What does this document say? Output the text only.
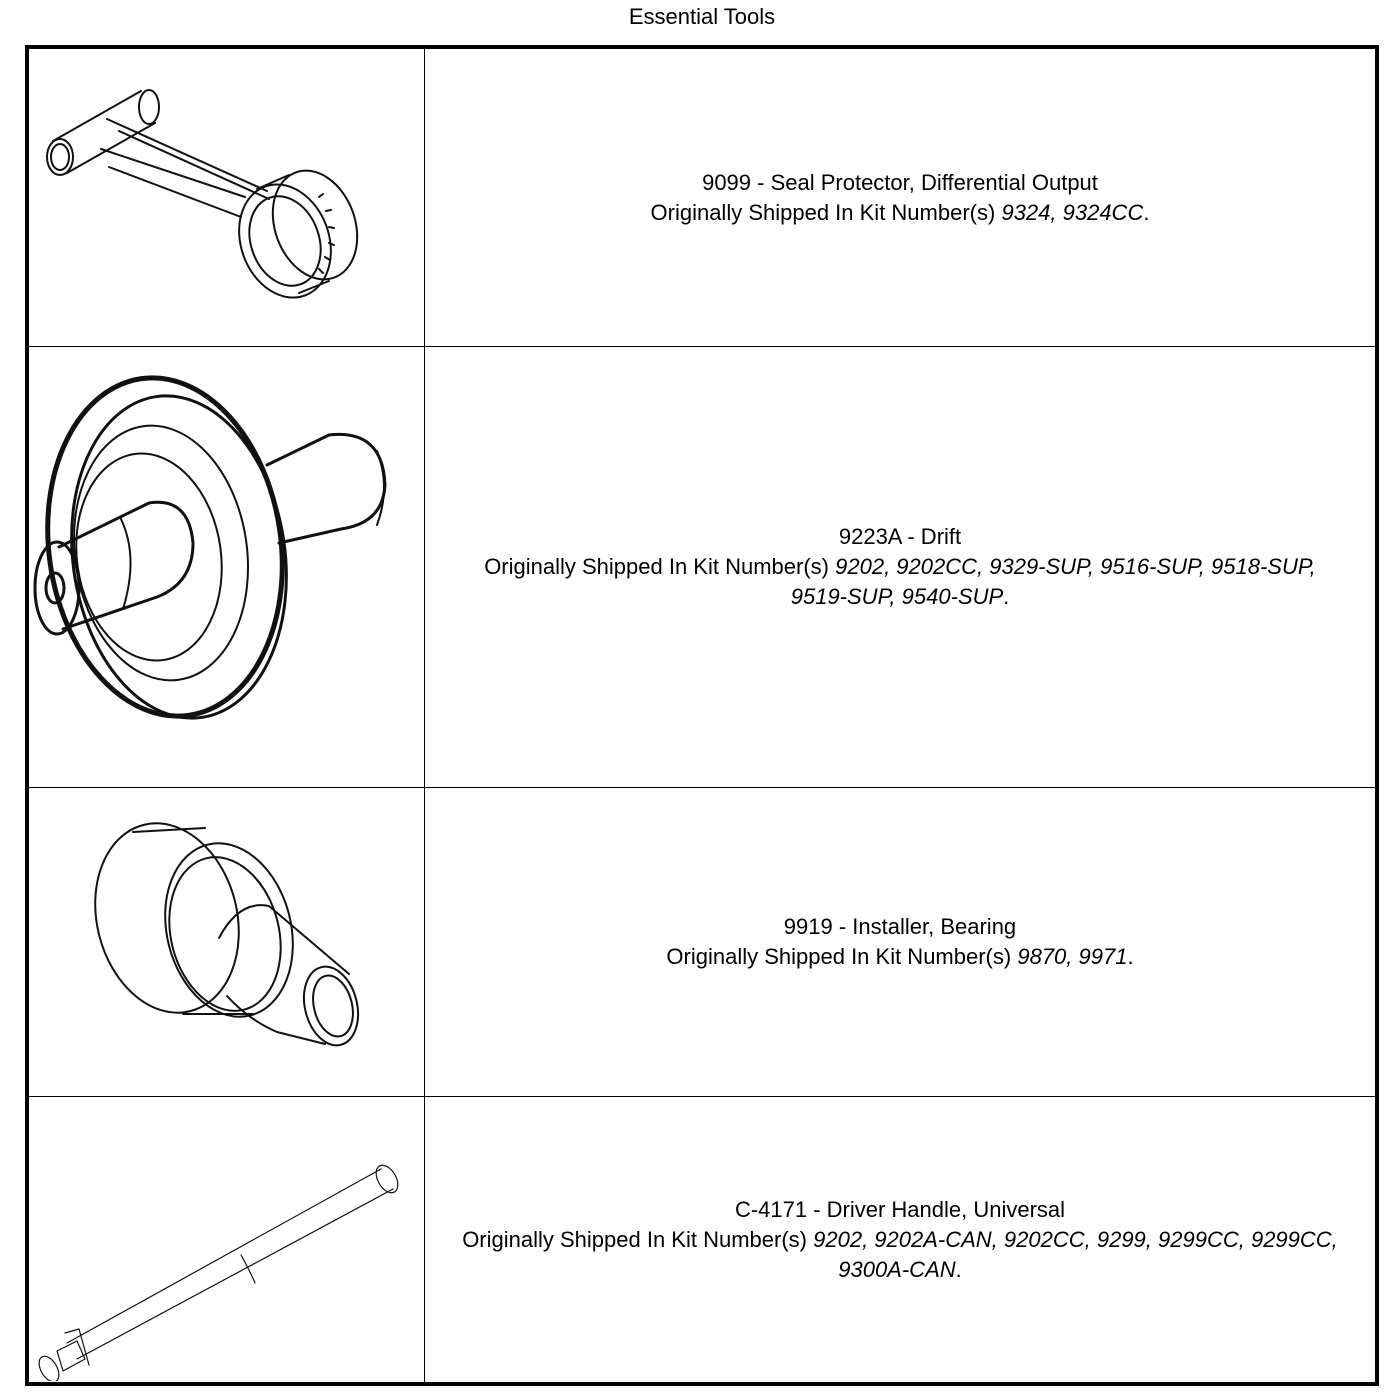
Essential Tools
9099 - Seal Protector, Differential Output
Originally Shipped In Kit Number(s) 9324, 9324CC.
9223A - Drift
Originally Shipped In Kit Number(s) 9202, 9202CC, 9329-SUP, 9516-SUP, 9518-SUP, 9519-SUP, 9540-SUP.
9919 - Installer, Bearing
Originally Shipped In Kit Number(s) 9870, 9971.
C-4171 - Driver Handle, Universal
Originally Shipped In Kit Number(s) 9202, 9202A-CAN, 9202CC, 9299, 9299CC, 9299CC, 9300A-CAN.
